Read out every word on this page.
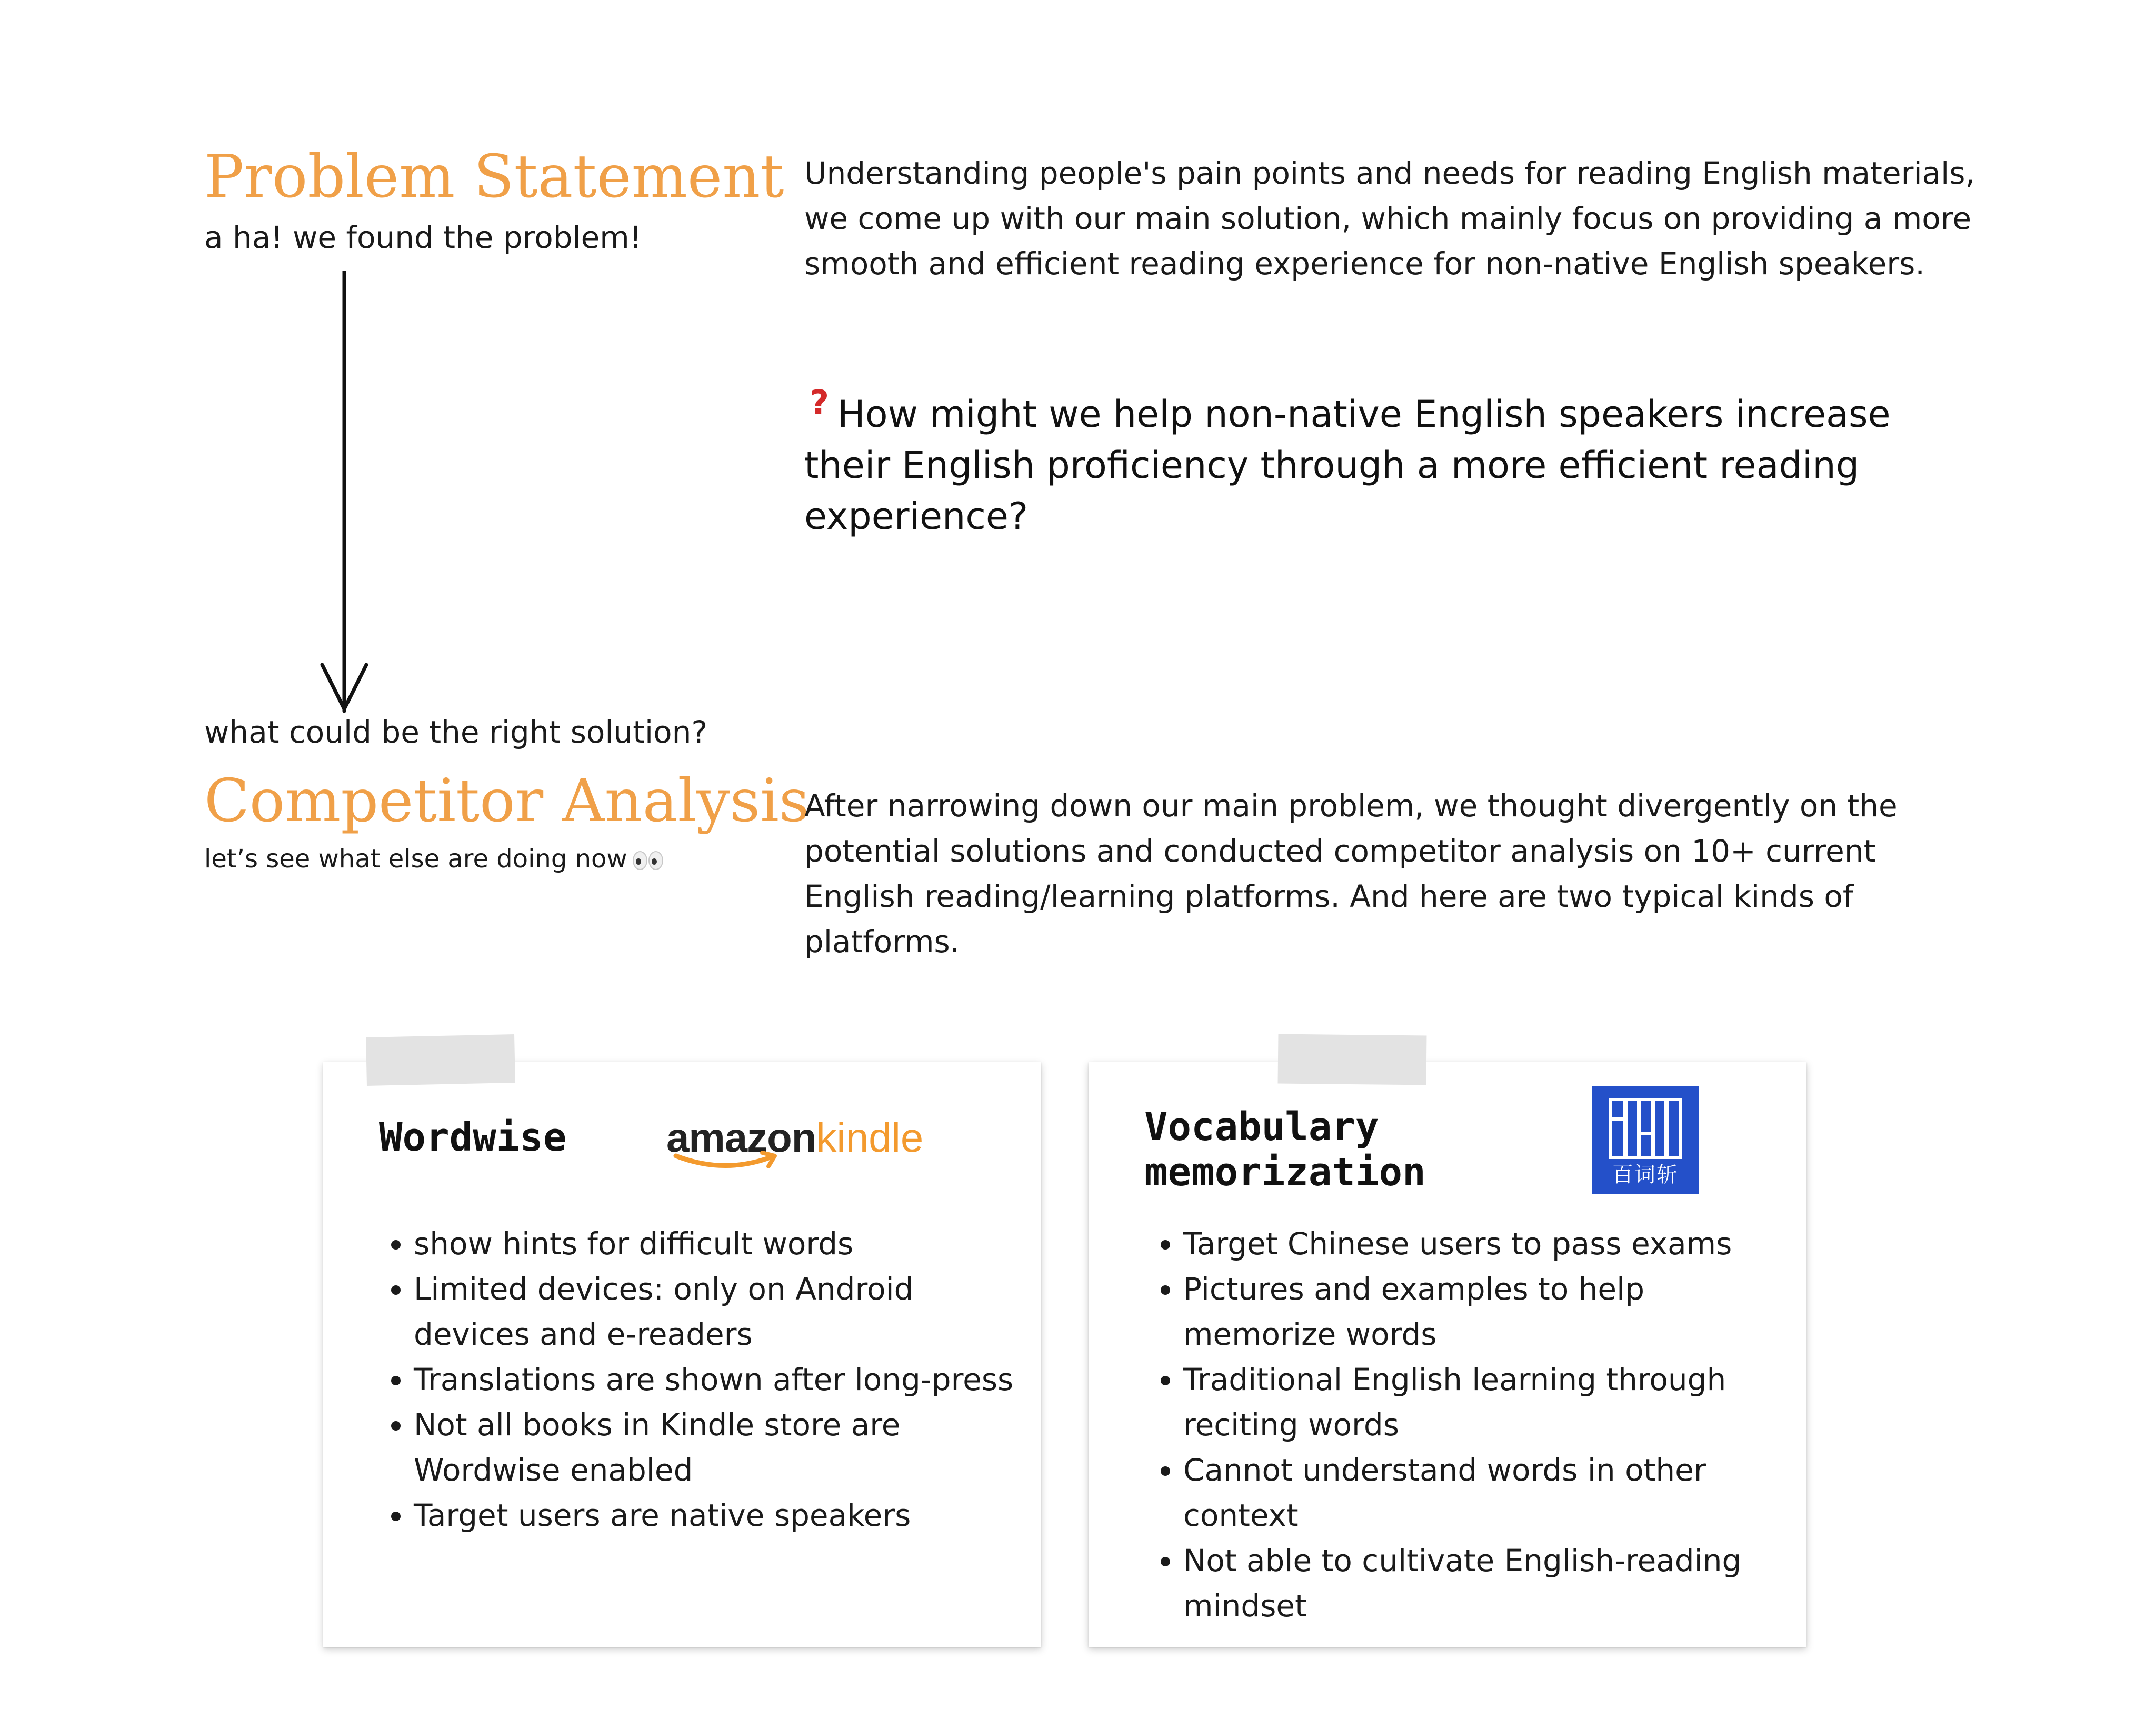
Problem Statement
a ha! we found the problem!

Understanding people's pain points and needs for reading English materials, we come up with our main solution, which mainly focus on providing a more smooth and efficient reading experience for non-native English speakers.

? How might we help non-native English speakers increase their English proficiency through a more efficient reading experience?

what could be the right solution?
Competitor Analysis
let’s see what else are doing now

After narrowing down our main problem, we thought divergently on the potential solutions and conducted competitor analysis on 10+ current English reading/learning platforms. And here are two typical kinds of platforms.

Wordwise amazonkindle
• show hints for difficult words
• Limited devices: only on Android devices and e-readers
• Translations are shown after long-press
• Not all books in Kindle store are Wordwise enabled
• Target users are native speakers
Vocabulary
memorization	百词斩
• Target Chinese users to pass exams
• Pictures and examples to help memorize words
• Traditional English learning through reciting words
• Cannot understand words in other context
• Not able to cultivate English-reading mindset
